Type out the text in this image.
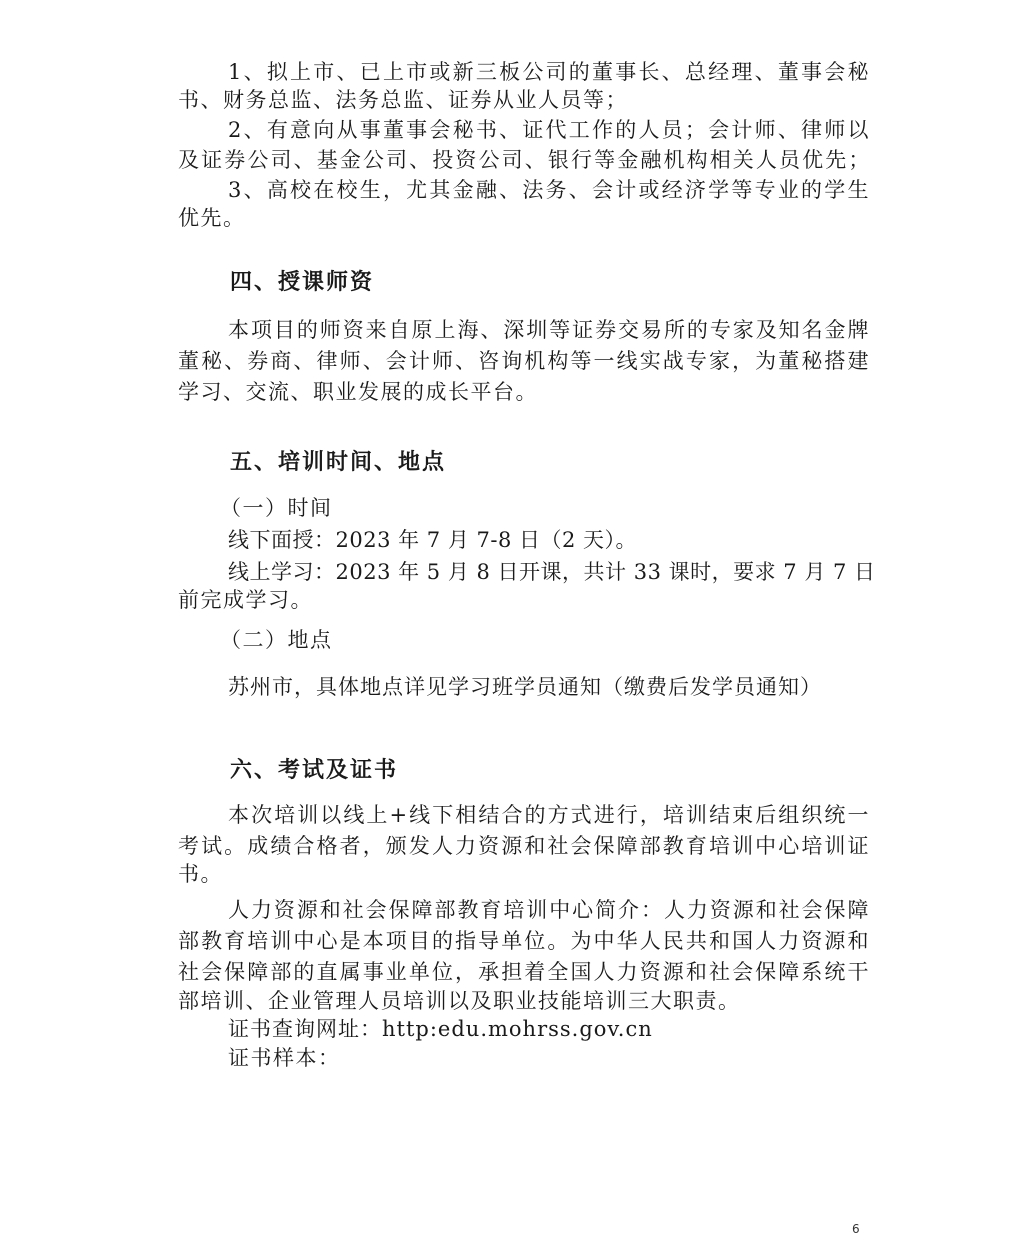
1、拟上市、已上市或新三板公司的董事长、总经理、董事会秘
书、财务总监、法务总监、证券从业人员等；
2、有意向从事董事会秘书、证代工作的人员；会计师、律师以
及证券公司、基金公司、投资公司、银行等金融机构相关人员优先；
3、高校在校生，尤其金融、法务、会计或经济学等专业的学生
优先。
四、授课师资
本项目的师资来自原上海、深圳等证券交易所的专家及知名金牌
董秘、券商、律师、会计师、咨询机构等一线实战专家，为董秘搭建
学习、交流、职业发展的成长平台。
五、培训时间、地点
（一）时间
线下面授：2023 年 7 月 7-8 日（2 天）。
线上学习：2023 年 5 月 8 日开课，共计 33 课时，要求 7 月 7 日
前完成学习。
（二）地点
苏州市，具体地点详见学习班学员通知（缴费后发学员通知）
六、考试及证书
本次培训以线上+线下相结合的方式进行，培训结束后组织统一
考试。成绩合格者，颁发人力资源和社会保障部教育培训中心培训证
书。
人力资源和社会保障部教育培训中心简介：人力资源和社会保障
部教育培训中心是本项目的指导单位。为中华人民共和国人力资源和
社会保障部的直属事业单位，承担着全国人力资源和社会保障系统干
部培训、企业管理人员培训以及职业技能培训三大职责。
证书查询网址：http:edu.mohrss.gov.cn
证书样本：
6
